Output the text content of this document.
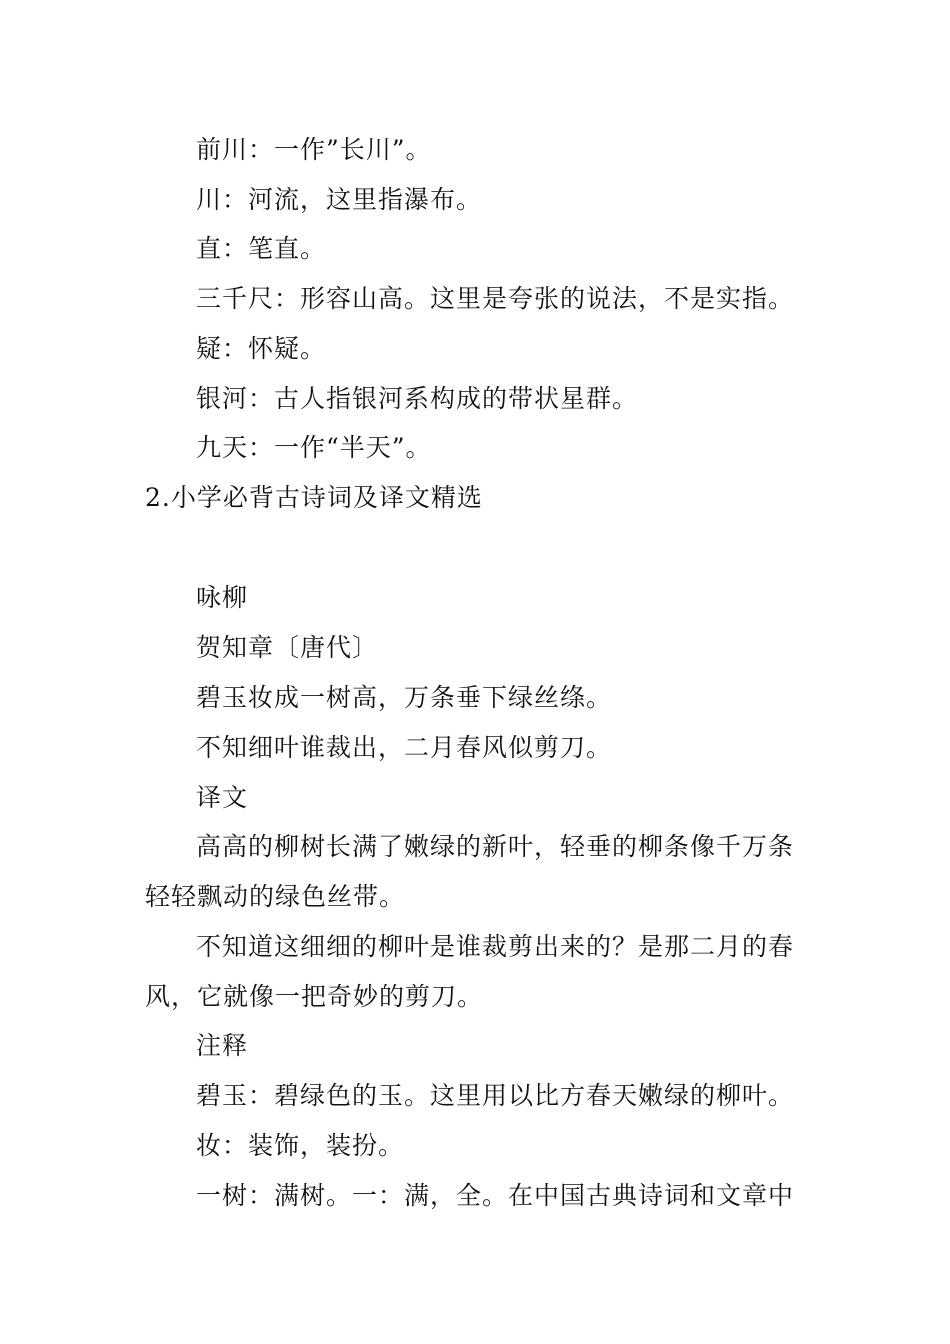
前川：一作”长川”。
川：河流，这里指瀑布。
直：笔直。
三千尺：形容山高。这里是夸张的说法，不是实指。
疑：怀疑。
银河：古人指银河系构成的带状星群。
九天：一作“半天”。
2.小学必背古诗词及译文精选
咏柳
贺知章〔唐代〕
碧玉妆成一树高，万条垂下绿丝绦。
不知细叶谁裁出，二月春风似剪刀。
译文
高高的柳树长满了嫩绿的新叶，轻垂的柳条像千万条
轻轻飘动的绿色丝带。
不知道这细细的柳叶是谁裁剪出来的？是那二月的春
风，它就像一把奇妙的剪刀。
注释
碧玉：碧绿色的玉。这里用以比方春天嫩绿的柳叶。
妆：装饰，装扮。
一树：满树。一：满，全。在中国古典诗词和文章中
